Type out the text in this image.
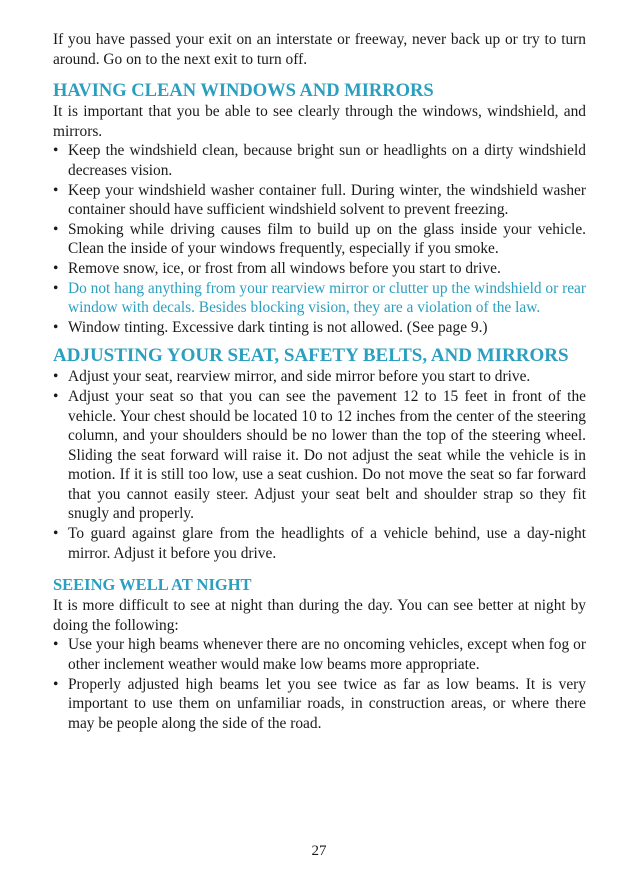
If you have passed your exit on an interstate or freeway, never back up or try to turn around. Go on to the next exit to turn off.

HAVING CLEAN WINDOWS AND MIRRORS

It is important that you be able to see clearly through the windows, windshield, and mirrors.

• Keep the windshield clean, because bright sun or headlights on a dirty windshield decreases vision.
• Keep your windshield washer container full. During winter, the windshield washer container should have sufficient windshield solvent to prevent freezing.
• Smoking while driving causes film to build up on the glass inside your vehicle. Clean the inside of your windows frequently, especially if you smoke.
• Remove snow, ice, or frost from all windows before you start to drive.
• Do not hang anything from your rearview mirror or clutter up the windshield or rear window with decals. Besides blocking vision, they are a violation of the law.
• Window tinting. Excessive dark tinting is not allowed. (See page 9.)
ADJUSTING YOUR SEAT, SAFETY BELTS, AND MIRRORS
• Adjust your seat, rearview mirror, and side mirror before you start to drive.
• Adjust your seat so that you can see the pavement 12 to 15 feet in front of the vehicle. Your chest should be located 10 to 12 inches from the center of the steering column, and your shoulders should be no lower than the top of the steering wheel. Sliding the seat forward will raise it. Do not adjust the seat while the vehicle is in motion. If it is still too low, use a seat cushion. Do not move the seat so far forward that you cannot easily steer. Adjust your seat belt and shoulder strap so they fit snugly and properly.
• To guard against glare from the headlights of a vehicle behind, use a day-night mirror. Adjust it before you drive.
SEEING WELL AT NIGHT

It is more difficult to see at night than during the day. You can see better at night by doing the following:

• Use your high beams whenever there are no oncoming vehicles, except when fog or other inclement weather would make low beams more appropriate.
• Properly adjusted high beams let you see twice as far as low beams. It is very important to use them on unfamiliar roads, in construction areas, or where there may be people along the side of the road.
27
